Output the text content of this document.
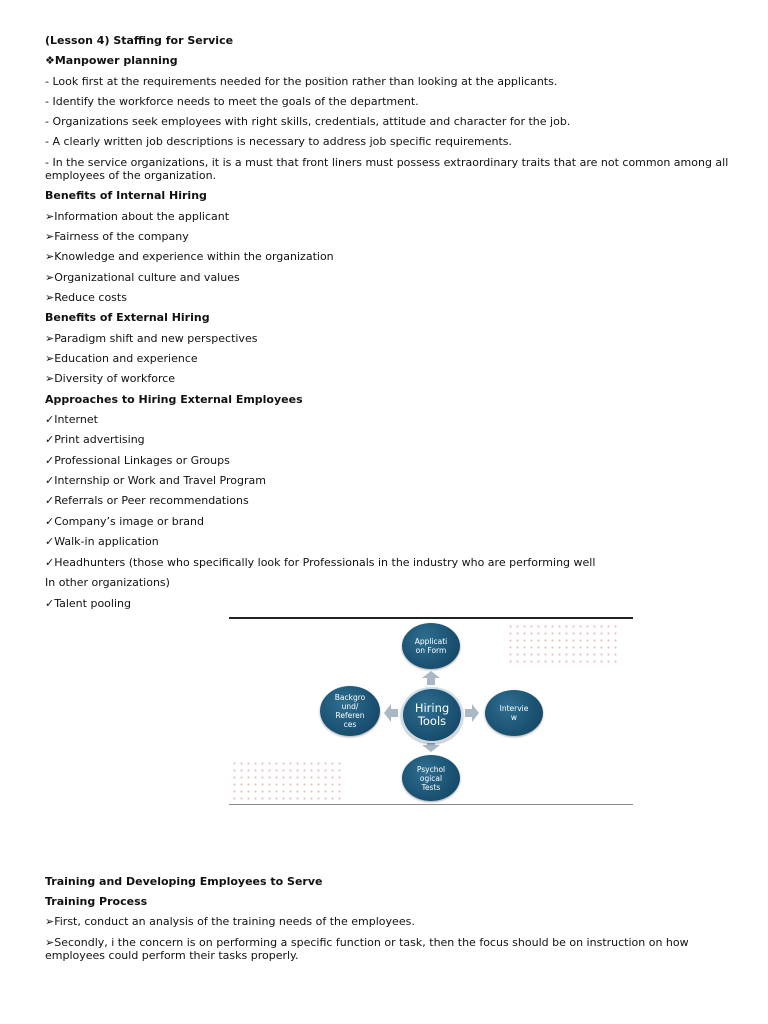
(Lesson 4) Staffing for Service

❖Manpower planning

- Look first at the requirements needed for the position rather than looking at the applicants.

- Identify the workforce needs to meet the goals of the department.

- Organizations seek employees with right skills, credentials, attitude and character for the job.

- A clearly written job descriptions is necessary to address job specific requirements.

- In the service organizations, it is a must that front liners must possess extraordinary traits that are not common among all employees of the organization.

Benefits of Internal Hiring

➢Information about the applicant

➢Fairness of the company

➢Knowledge and experience within the organization

➢Organizational culture and values

➢Reduce costs

Benefits of External Hiring

➢Paradigm shift and new perspectives

➢Education and experience

➢Diversity of workforce

Approaches to Hiring External Employees

✓Internet

✓Print advertising

✓Professional Linkages or Groups

✓Internship or Work and Travel Program

✓Referrals or Peer recommendations

✓Company’s image or brand

✓Walk-in application

✓Headhunters (those who specifically look for Professionals in the industry who are performing well

In other organizations)

✓Talent pooling

Hiring
Tools
Applicati
on Form
Intervie
w
Psychol
ogical
Tests
Backgro
und/
Referen
ces

Training and Developing Employees to Serve

Training Process

➢First, conduct an analysis of the training needs of the employees.

➢Secondly, i the concern is on performing a specific function or task, then the focus should be on instruction on how employees could perform their tasks properly.
